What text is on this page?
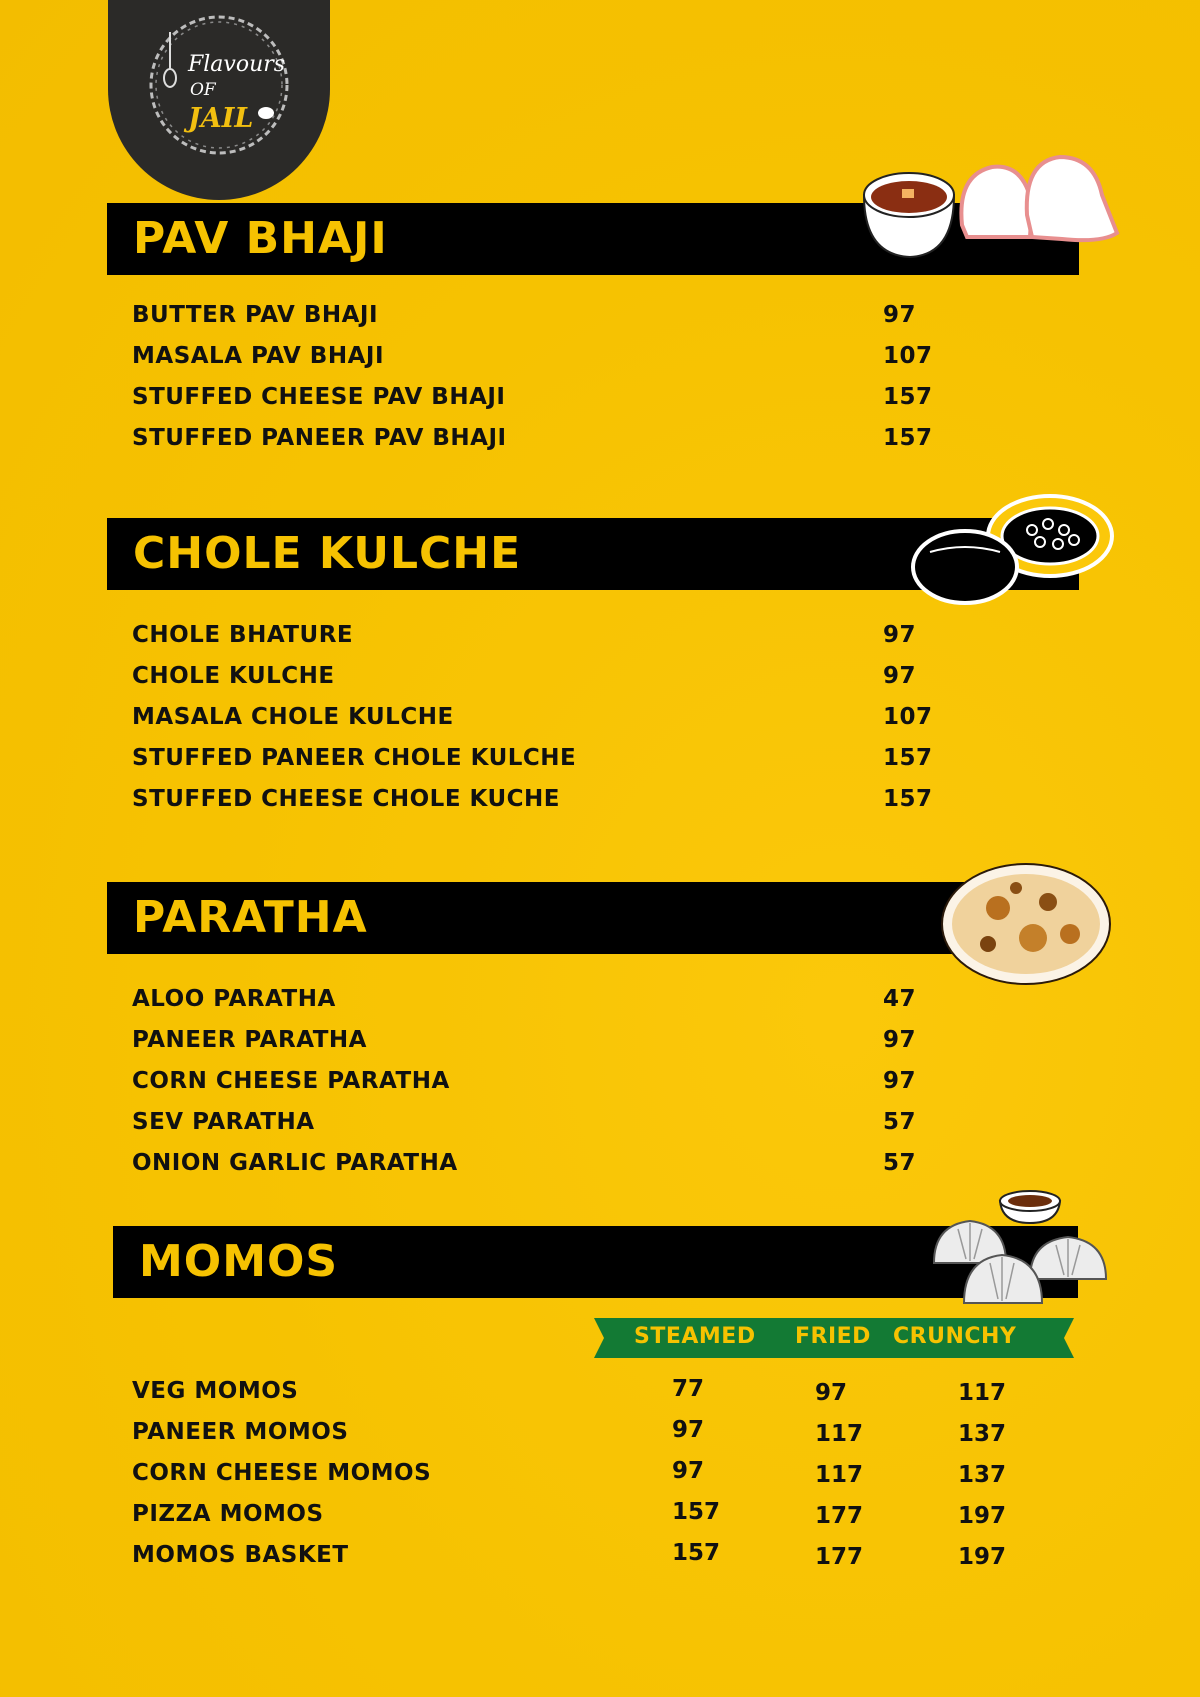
Flavours
OF
JAIL
PAV BHAJI
BUTTER PAV BHAJI	97
MASALA PAV BHAJI	107
STUFFED CHEESE PAV BHAJI	157
STUFFED PANEER PAV BHAJI	157
CHOLE KULCHE
CHOLE BHATURE	97
CHOLE KULCHE	97
MASALA CHOLE KULCHE	107
STUFFED PANEER CHOLE KULCHE	157
STUFFED CHEESE CHOLE KUCHE	157
PARATHA
ALOO PARATHA	47
PANEER PARATHA	97
CORN CHEESE PARATHA	97
SEV PARATHA	57
ONION GARLIC PARATHA	57
MOMOS
STEAMED FRIED CRUNCHY
VEG MOMOS	77	97	117
PANEER MOMOS	97	117	137
CORN CHEESE MOMOS	97	117	137
PIZZA MOMOS	157	177	197
MOMOS BASKET	157	177	197
